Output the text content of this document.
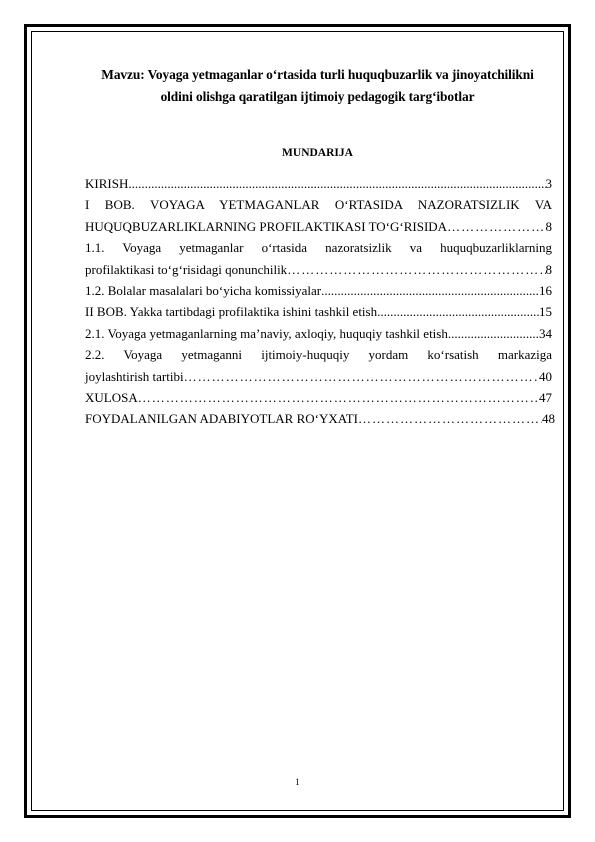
Mavzu: Voyaga yetmaganlar o‘rtasida turli huquqbuzarlik va jinoyatchilikni
oldini olishga qaratilgan ijtimoiy pedagogik targ‘ibotlar
MUNDARIJA
KIRISH .....	3
I BOB. VOYAGA YETMAGANLAR O‘RTASIDA NAZORATSIZLIK VA
HUQUQBUZARLIKLARNING PROFILAKTIKASI TO‘G‘RISIDA ……………………………………………………………………………………………………………………………	8
1.1. Voyaga yetmaganlar o‘rtasida nazoratsizlik va huquqbuzarliklarning
profilaktikasi to‘g‘risidagi qonunchilik ……………………………………………………………………………………………………………………………	8
1.2. Bolalar masalalari bo‘yicha komissiyalar .....	16
II BOB. Yakka tartibdagi profilaktika ishini tashkil etish .....	15
2.1. Voyaga yetmaganlarning ma’naviy, axloqiy, huquqiy tashkil etish .....	34
2.2. Voyaga yetmaganni ijtimoiy-huquqiy yordam ko‘rsatish markaziga
joylashtirish tartibi ……………………………………………………………………………………………………………………………	40
XULOSA ……………………………………………………………………………………………………………………………	47
FOYDALANILGAN ADABIYOTLAR RO‘YXATI ……………………………………………………………………………………………………………………………	48
1
